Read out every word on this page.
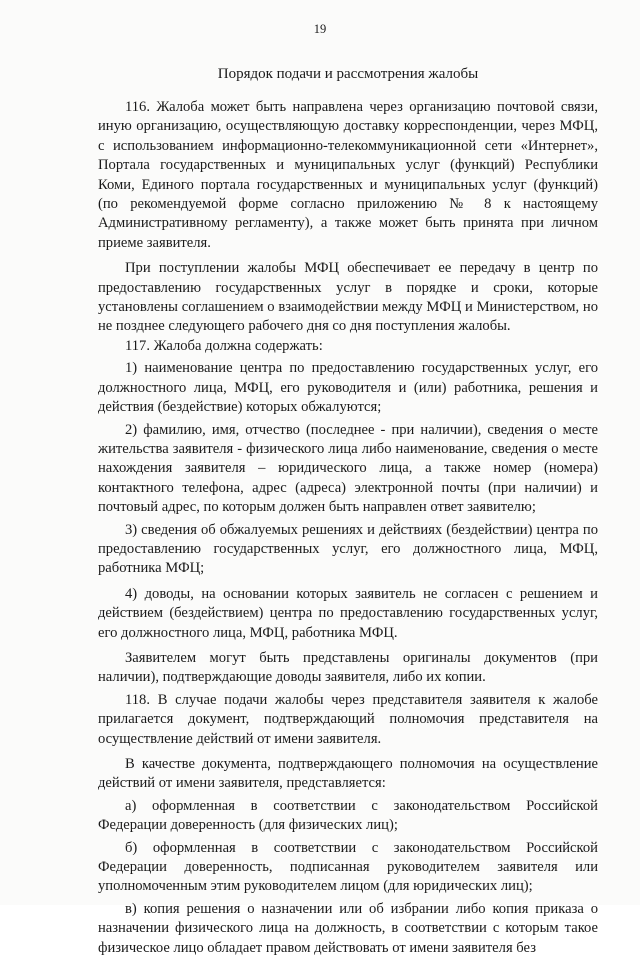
19
Порядок подачи и рассмотрения жалобы

116. Жалоба может быть направлена через организацию почтовой связи, иную организацию, осуществляющую доставку корреспонденции, через МФЦ, с использованием информационно-телекоммуникационной сети «Интернет», Портала государственных и муниципальных услуг (функций) Республики Коми, Единого портала государственных и муниципальных услуг (функций) (по рекомендуемой форме согласно приложению № 8 к настоящему Административному регламенту), а также может быть принята при личном приеме заявителя.

При поступлении жалобы МФЦ обеспечивает ее передачу в центр по предоставлению государственных услуг в порядке и сроки, которые установлены соглашением о взаимодействии между МФЦ и Министерством, но не позднее следующего рабочего дня со дня поступления жалобы.

117. Жалоба должна содержать:

1) наименование центра по предоставлению государственных услуг, его должностного лица, МФЦ, его руководителя и (или) работника, решения и действия (бездействие) которых обжалуются;

2) фамилию, имя, отчество (последнее - при наличии), сведения о месте жительства заявителя - физического лица либо наименование, сведения о месте нахождения заявителя – юридического лица, а также номер (номера) контактного телефона, адрес (адреса) электронной почты (при наличии) и почтовый адрес, по которым должен быть направлен ответ заявителю;

3) сведения об обжалуемых решениях и действиях (бездействии) центра по предоставлению государственных услуг, его должностного лица, МФЦ, работника МФЦ;

4) доводы, на основании которых заявитель не согласен с решением и действием (бездействием) центра по предоставлению государственных услуг, его должностного лица, МФЦ, работника МФЦ.

Заявителем могут быть представлены оригиналы документов (при наличии), подтверждающие доводы заявителя, либо их копии.

118. В случае подачи жалобы через представителя заявителя к жалобе прилагается документ, подтверждающий полномочия представителя на осуществление действий от имени заявителя.

В качестве документа, подтверждающего полномочия на осуществление действий от имени заявителя, представляется:

а) оформленная в соответствии с законодательством Российской Федерации доверенность (для физических лиц);

б) оформленная в соответствии с законодательством Российской Федерации доверенность, подписанная руководителем заявителя или уполномоченным этим руководителем лицом (для юридических лиц);

в) копия решения о назначении или об избрании либо копия приказа о назначении физического лица на должность, в соответствии с которым такое физическое лицо обладает правом действовать от имени заявителя без
